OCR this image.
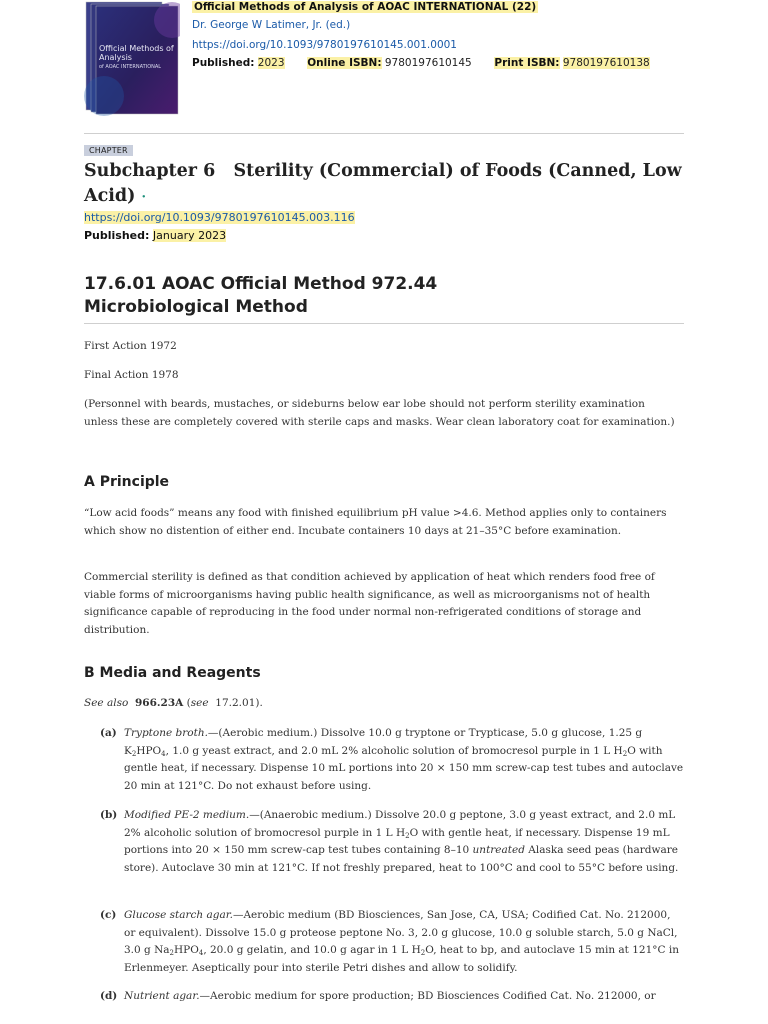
Official Methods of Analysis
of AOAC INTERNATIONAL
Official Methods of Analysis of AOAC INTERNATIONAL (22)
Dr. George W Latimer, Jr. (ed.)
https://doi.org/10.1093/9780197610145.001.0001
Published: 2023 Online ISBN: 9780197610145 Print ISBN: 9780197610138
CHAPTER
Subchapter 6   Sterility (Commercial) of Foods (Canned, Low Acid) ·
https://doi.org/10.1093/9780197610145.003.116
Published: January 2023
17.6.01 AOAC Official Method 972.44
Microbiological Method

First Action 1972

Final Action 1978

(Personnel with beards, mustaches, or sideburns below ear lobe should not perform sterility examination unless these are completely covered with sterile caps and masks. Wear clean laboratory coat for examination.)

A Principle

“Low acid foods” means any food with finished equilibrium pH value >4.6. Method applies only to containers which show no distention of either end. Incubate containers 10 days at 21–35°C before examination.

Commercial sterility is defined as that condition achieved by application of heat which renders food free of viable forms of microorganisms having public health significance, as well as microorganisms not of health significance capable of reproducing in the food under normal non-refrigerated conditions of storage and distribution.

B Media and Reagents
See also 966.23A (see 17.2.01).
(a) Tryptone broth.—(Aerobic medium.) Dissolve 10.0 g tryptone or Trypticase, 5.0 g glucose, 1.25 g $K_2HPO_4$, 1.0 g yeast extract, and 2.0 mL 2% alcoholic solution of bromocresol purple in 1 L $H_2O$ with gentle heat, if necessary. Dispense 10 mL portions into 20 × 150 mm screw-cap test tubes and autoclave 20 min at 121°C. Do not exhaust before using.
(b) Modified PE-2 medium.—(Anaerobic medium.) Dissolve 20.0 g peptone, 3.0 g yeast extract, and 2.0 mL 2% alcoholic solution of bromocresol purple in 1 L $H_2O$ with gentle heat, if necessary. Dispense 19 mL portions into 20 × 150 mm screw-cap test tubes containing 8–10 untreated Alaska seed peas (hardware store). Autoclave 30 min at 121°C. If not freshly prepared, heat to 100°C and cool to 55°C before using.
(c) Glucose starch agar.—Aerobic medium (BD Biosciences, San Jose, CA, USA; Codified Cat. No. 212000, or equivalent). Dissolve 15.0 g proteose peptone No. 3, 2.0 g glucose, 10.0 g soluble starch, 5.0 g NaCl, 3.0 g $Na_2HPO_4$, 20.0 g gelatin, and 10.0 g agar in 1 L $H_2O$, heat to bp, and autoclave 15 min at 121°C in Erlenmeyer. Aseptically pour into sterile Petri dishes and allow to solidify.
(d) Nutrient agar.—Aerobic medium for spore production; BD Biosciences Codified Cat. No. 212000, or
